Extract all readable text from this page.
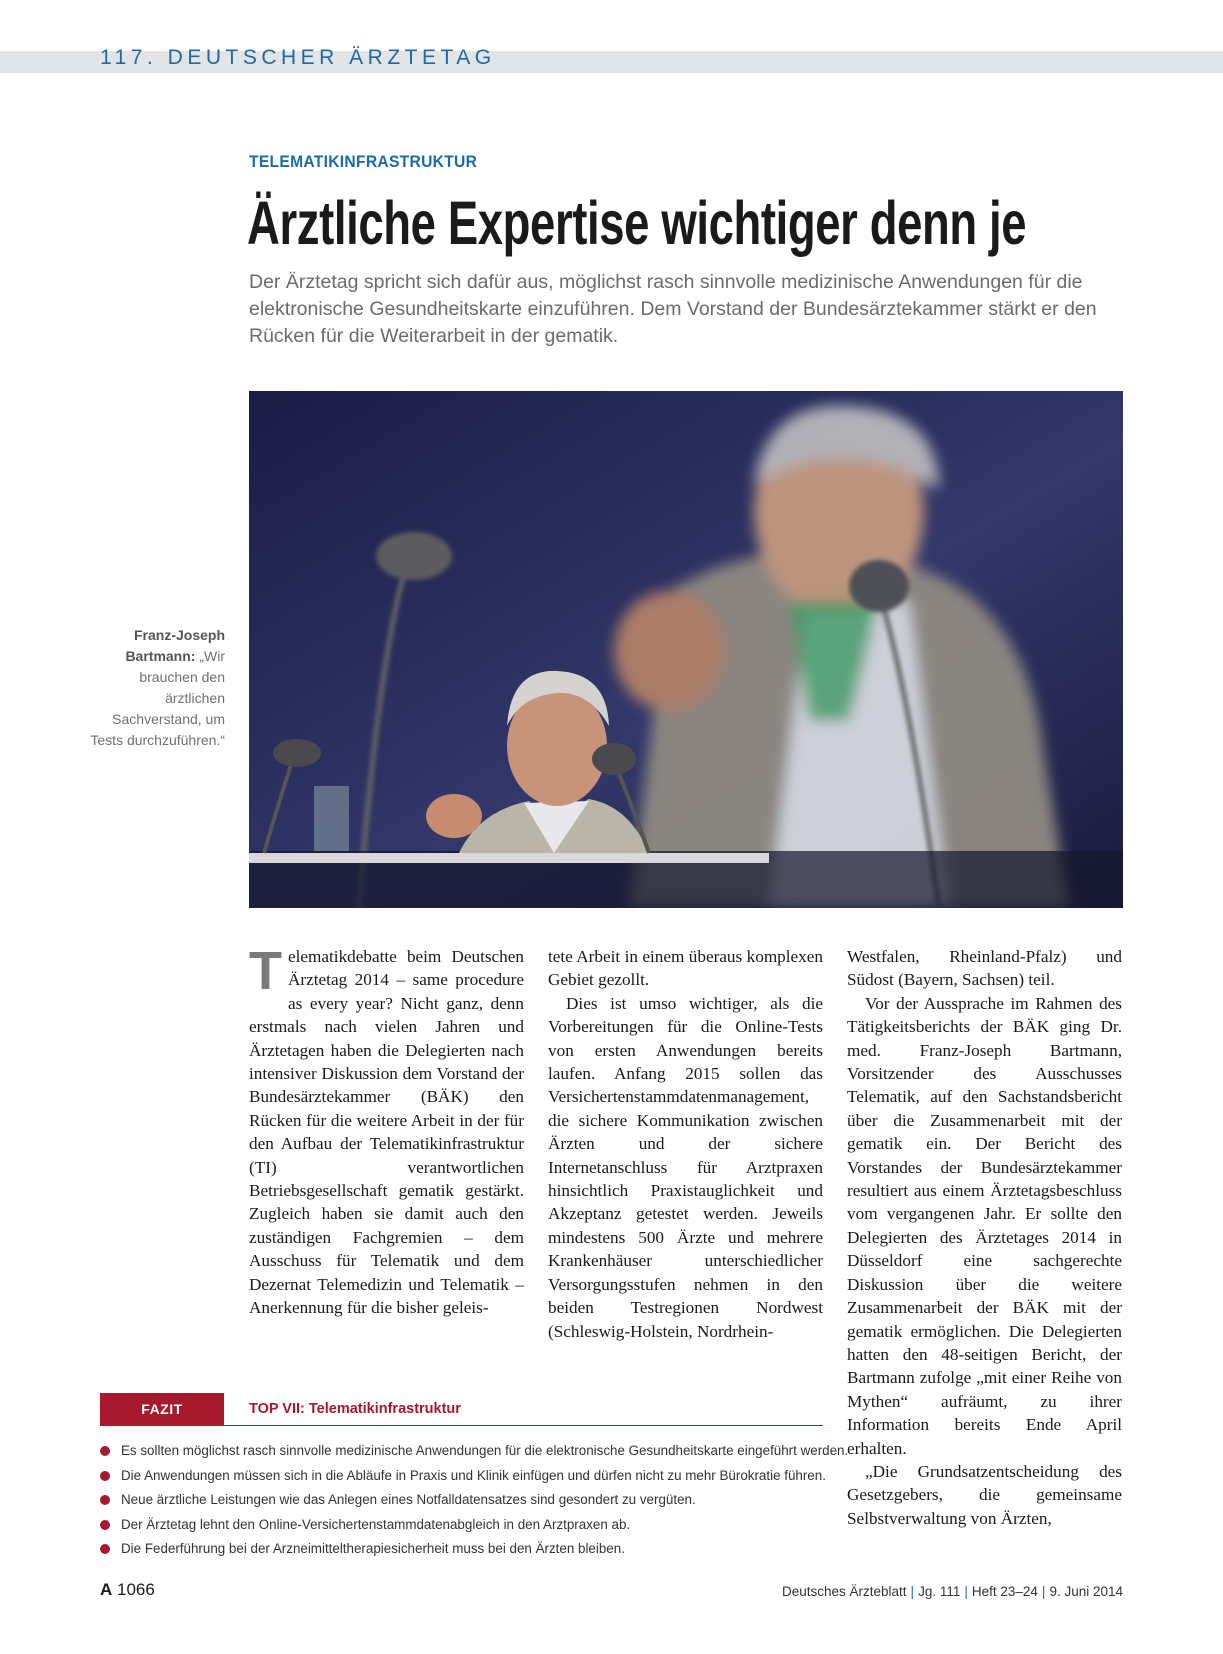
117. DEUTSCHER ÄRZTETAG
TELEMATIKINFRASTRUKTUR
Ärztliche Expertise wichtiger denn je
Der Ärztetag spricht sich dafür aus, möglichst rasch sinnvolle medizinische Anwendungen für die elektronische Gesundheitskarte einzuführen. Dem Vorstand der Bundesärztekammer stärkt er den Rücken für die Weiterarbeit in der gematik.
Franz-Joseph Bartmann: „Wir brauchen den ärztlichen Sachverstand, um Tests durchzuführen.“

Telematikdebatte beim Deutschen Ärztetag 2014 – same procedure as every year? Nicht ganz, denn erstmals nach vielen Jahren und Ärztetagen haben die Delegierten nach intensiver Diskussion dem Vorstand der Bundesärztekammer (BÄK) den Rücken für die weitere Arbeit in der für den Aufbau der Telematikinfrastruktur (TI) verantwortlichen Betriebsgesellschaft gematik gestärkt. Zugleich haben sie damit auch den zuständigen Fachgremien – dem Ausschuss für Telematik und dem Dezernat Telemedizin und Telematik – Anerkennung für die bisher geleis-

tete Arbeit in einem überaus komplexen Gebiet gezollt.

Dies ist umso wichtiger, als die Vorbereitungen für die Online-Tests von ersten Anwendungen bereits laufen. Anfang 2015 sollen das Versichertenstammdatenmanagement, die sichere Kommunikation zwischen Ärzten und der sichere Internetanschluss für Arztpraxen hinsichtlich Praxistauglichkeit und Akzeptanz getestet werden. Jeweils mindestens 500 Ärzte und mehrere Krankenhäuser unterschiedlicher Versorgungsstufen nehmen in den beiden Testregionen Nordwest (Schleswig-Holstein, Nordrhein-

Westfalen, Rheinland-Pfalz) und Südost (Bayern, Sachsen) teil.

Vor der Aussprache im Rahmen des Tätigkeitsberichts der BÄK ging Dr. med. Franz-Joseph Bartmann, Vorsitzender des Ausschusses Telematik, auf den Sachstandsbericht über die Zusammenarbeit mit der gematik ein. Der Bericht des Vorstandes der Bundesärztekammer resultiert aus einem Ärztetagsbeschluss vom vergangenen Jahr. Er sollte den Delegierten des Ärztetages 2014 in Düsseldorf eine sachgerechte Diskussion über die weitere Zusammenarbeit der BÄK mit der gematik ermöglichen. Die Delegierten hatten den 48-seitigen Bericht, der Bartmann zufolge „mit einer Reihe von Mythen“ aufräumt, zu ihrer Information bereits Ende April erhalten.

„Die Grundsatzentscheidung des Gesetzgebers, die gemeinsame Selbstverwaltung von Ärzten,

FAZIT	TOP VII: Telematikinfrastruktur
Es sollten möglichst rasch sinnvolle medizinische Anwendungen für die elektronische Gesundheitskarte eingeführt werden.
Die Anwendungen müssen sich in die Abläufe in Praxis und Klinik einfügen und dürfen nicht zu mehr Bürokratie führen.
Neue ärztliche Leistungen wie das Anlegen eines Notfalldatensatzes sind gesondert zu vergüten.
Der Ärztetag lehnt den Online-Versichertenstammdatenabgleich in den Arztpraxen ab.
Die Federführung bei der Arzneimitteltherapiesicherheit muss bei den Ärzten bleiben.
A 1066	Deutsches Ärzteblatt | Jg. 111 | Heft 23–24 | 9. Juni 2014
